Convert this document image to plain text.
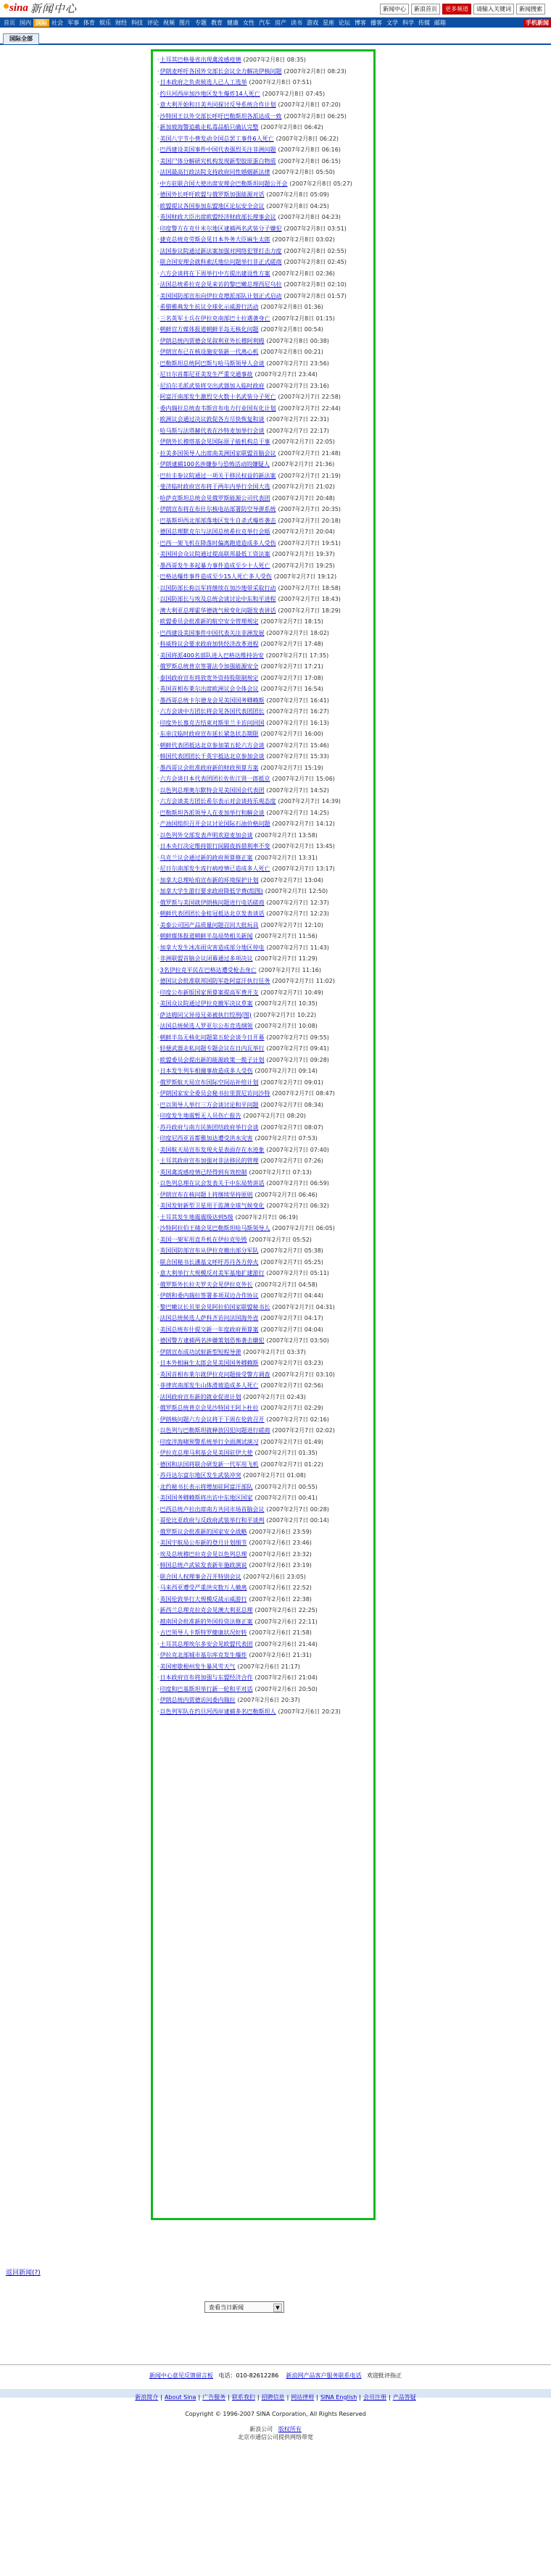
sina 新闻中心	新闻中心	新浪首页	更多频道	请输入关键词	新闻搜索
首页 国内 国际 社会 军事 体育 娱乐 财经 科技 评论 视频 图片 专题 教育 健康 女性 汽车 房产 读书 游戏 星座 论坛 博客 播客 文学 科学 传媒 邮箱	手机新闻
国际全部
·土耳其巴格曼省出现禽流感疫情 (2007年2月8日 08:35)
·伊朗麦呼吁各国外交部长会议全力解决伊核问题 (2007年2月8日 08:23)
·日本政府之负责候选人已人工选举 (2007年2月8日 07:51)
·约旦河西岸加沙地区发生爆炸14人死亡 (2007年2月8日 07:45)
·意大利开始和日美共同探讨反导系统合作计划 (2007年2月8日 07:20)
·沙特国王以外交部长呼吁巴勒斯坦各派达成一致 (2007年2月8日 06:25)
·新加坡海警追截走私毒品船只确认完整 (2007年2月8日 06:42)
·美国八字节小费发动全国总罢工事件6人死亡 (2007年2月8日 06:22)
·巴西建设美国事件中国代表强烈关注非洲问题 (2007年2月8日 06:16)
·美国尸体分解研究机构发现新型胶原蛋白物质 (2007年2月8日 06:15)
·法国最高行政法院支持政府同性婚姻新法律 (2007年2月8日 05:50)
·中方驻联合国大使出席安理会巴勒斯坦问题公开会 (2007年2月8日 05:27)
·德国外长呼吁欧盟与俄罗斯加强能源对话 (2007年2月8日 05:09)
·欧盟提议各国参加东盟地区论坛安全会议 (2007年2月8日 04:25)
·英国财政大臣出席欧盟经济财政部长理事会议 (2007年2月8日 04:23)
·印度警方在克什米尔地区逮捕两名武装分子嫌犯 (2007年2月8日 03:51)
·捷克总统克劳斯会见日本外务大臣麻生太郎 (2007年2月8日 03:02)
·法国参议院通过新法案加强对网络犯罪打击力度 (2007年2月8日 02:55)
·联合国安理会就科索沃地位问题举行非正式磋商 (2007年2月8日 02:45)
·六方会谈将在下周举行中方提出建设性方案 (2007年2月8日 02:36)
·法国总统希拉克会见来访的黎巴嫩总理西尼乌拉 (2007年2月8日 02:10)
·美国国防部宣布向伊拉克增派部队计划正式启动 (2007年2月8日 01:57)
·希腊雅典发生抗议全球化示威游行活动 (2007年2月8日 01:36)
·三名英军士兵在伊拉克南部巴士拉遇袭身亡 (2007年2月8日 01:15)
·朝鲜官方媒体报道朝鲜半岛无核化问题 (2007年2月8日 00:54)
·伊朗总统内贾德会见叙利亚外长穆阿利姆 (2007年2月8日 00:38)
·伊朗宣布已在核设施安装新一代离心机 (2007年2月8日 00:21)
·巴勒斯坦总统阿巴斯与哈马斯领导人会谈 (2007年2月7日 23:56)
·尼日尔首都尼亚美发生严重交通事故 (2007年2月7日 23:44)
·尼泊尔毛派武装将交出武器加入临时政府 (2007年2月7日 23:16)
·阿富汗南部发生激烈交火数十名武装分子死亡 (2007年2月7日 22:58)
·委内瑞拉总统查韦斯宣布电力行业国有化计划 (2007年2月7日 22:44)
·欧洲议会通过决议敦促各方尽快恢复和谈 (2007年2月7日 22:31)
·哈马斯与法塔赫代表在沙特麦加举行会谈 (2007年2月7日 22:17)
·伊朗外长穆塔基会见国际原子能机构总干事 (2007年2月7日 22:05)
·拉美多国领导人出席南美洲国家联盟首脑会议 (2007年2月7日 21:48)
·伊朗逮捕100名涉嫌参与恐怖活动的嫌疑人 (2007年2月7日 21:36)
·巴拉圭参议院通过一项关于移民权益的新法案 (2007年2月7日 21:19)
·斐济临时政府宣布将于两年内举行全国大选 (2007年2月7日 21:02)
·哈萨克斯坦总统会见俄罗斯能源公司代表团 (2007年2月7日 20:48)
·伊朗宣布将在布什尔核电站部署防空导弹系统 (2007年2月7日 20:35)
·巴基斯坦西北部部落地区发生自杀式爆炸袭击 (2007年2月7日 20:18)
·德国总理默克尔与法国总统希拉克举行会晤 (2007年2月7日 20:04)
·巴西一架飞机在降落时偏离跑道造成多人受伤 (2007年2月7日 19:51)
·美国国会众议院通过提高联邦最低工资法案 (2007年2月7日 19:37)
·墨西哥发生多起暴力事件造成至少十人死亡 (2007年2月7日 19:25)
·巴格达爆炸事件造成至少15人死亡多人受伤 (2007年2月7日 19:12)
·以国防部长称以军将继续在加沙地带采取行动 (2007年2月7日 18:58)
·以国防部长与埃及总统会谈讨论中东和平进程 (2007年2月7日 18:43)
·澳大利亚总理霍华德就气候变化问题发表讲话 (2007年2月7日 18:29)
·欧盟委员会批准新的航空安全管理规定 (2007年2月7日 18:15)
·巴西建设美国事件中国代表关注非洲发展 (2007年2月7日 18:02)
·科威特议会要求政府加快经济改革进程 (2007年2月7日 17:48)
·美国将派400名部队进入巴格达维持治安 (2007年2月7日 17:35)
·俄罗斯总统普京签署法令加强能源安全 (2007年2月7日 17:21)
·泰国政府宣布将放宽外资持股限制规定 (2007年2月7日 17:08)
·英国首相布莱尔出席欧洲议会全体会议 (2007年2月7日 16:54)
·墨西哥总统卡尔德龙会见美国国务卿赖斯 (2007年2月7日 16:41)
·六方会谈中方团长将会见各国代表团团长 (2007年2月7日 16:27)
·印度外长慕克吉结束对斯里兰卡访问回国 (2007年2月7日 16:13)
·东帝汶临时政府宣布延长紧急状态期限 (2007年2月7日 16:00)
·朝鲜代表团抵达北京参加第五轮六方会谈 (2007年2月7日 15:46)
·韩国代表团团长千英宇抵达北京参加会谈 (2007年2月7日 15:33)
·墨西哥议会批准政府新的财政预算方案 (2007年2月7日 15:19)
·六方会谈日本代表团团长佐佐江贤一郎抵京 (2007年2月7日 15:06)
·以色列总理奥尔默特会见美国国会代表团 (2007年2月7日 14:52)
·六方会谈美方团长希尔表示对会谈持乐观态度 (2007年2月7日 14:39)
·巴勒斯坦各派领导人在麦加举行和解会谈 (2007年2月7日 14:25)
·产油国组织召开会议讨论国际石油价格问题 (2007年2月7日 14:12)
·以色列外交部发表声明欢迎麦加会谈 (2007年2月7日 13:58)
·日本央行决定维持银行间隔夜拆借利率不变 (2007年2月7日 13:45)
·乌克兰议会通过新的政府预算修正案 (2007年2月7日 13:31)
·尼日尔南部发生流行病疫情已造成多人死亡 (2007年2月7日 13:17)
·加拿大总理哈珀宣布新的环境保护计划 (2007年2月7日 13:04)
·加拿大学生游行要求政府降低学费(组图) (2007年2月7日 12:50)
·俄罗斯与美国就伊朗核问题进行电话磋商 (2007年2月7日 12:37)
·朝鲜代表团团长金桂冠抵达北京发表谈话 (2007年2月7日 12:23)
·美泰公司因产品质量问题召回大批玩具 (2007年2月7日 12:10)
·朝鲜媒体报道朝鲜半岛局势相关新闻 (2007年2月7日 11:56)
·加拿大发生冰冻雨灾害造成部分地区停电 (2007年2月7日 11:43)
·非洲联盟首脑会议闭幕通过多项决议 (2007年2月7日 11:29)
·3名伊拉克平民在巴格达遭受枪击身亡 (2007年2月7日 11:16)
·德国议会批准联邦国防军赴阿富汗执行任务 (2007年2月7日 11:02)
·印度公布新版国家预算案提高军费开支 (2007年2月7日 10:49)
·美国众议院通过伊拉克撤军决议草案 (2007年2月7日 10:35)
·萨达姆同父异母兄弟被执行绞刑(图) (2007年2月7日 10:22)
·法国总统候选人罗亚尔公布竞选纲领 (2007年2月7日 10:08)
·朝鲜半岛无核化问题第五轮会谈今日开幕 (2007年2月7日 09:55)
·轻便武器走私问题专题会议在日内瓦举行 (2007年2月7日 09:41)
·欧盟委员会提出新的能源政策一揽子计划 (2007年2月7日 09:28)
·日本发生列车相撞事故造成多人受伤 (2007年2月7日 09:14)
·俄罗斯航天局宣布国际空间站补给计划 (2007年2月7日 09:01)
·伊朗国家安全委员会秘书拉里贾尼访问沙特 (2007年2月7日 08:47)
·巴以领导人举行三方会谈讨论和平问题 (2007年2月7日 08:34)
·印度发生地震暂无人员伤亡报告 (2007年2月7日 08:20)
·苏丹政府与南方民族团结政府举行会谈 (2007年2月7日 08:07)
·印度尼西亚首都雅加达遭受洪水灾害 (2007年2月7日 07:53)
·美国航天局宣布发现火星表面存在水迹象 (2007年2月7日 07:40)
·土耳其政府宣布加强对非法移民的管理 (2007年2月7日 07:26)
·英国禽流感疫情已经得到有效控制 (2007年2月7日 07:13)
·以色列总理在议会发表关于中东局势讲话 (2007年2月7日 06:59)
·伊朗宣布在核问题上将继续坚持原则 (2007年2月7日 06:46)
·美国发射新型卫星用于监测全球气候变化 (2007年2月7日 06:32)
·土耳其发生地震震级达到5级 (2007年2月7日 06:19)
·沙特阿拉伯王储会见巴勒斯坦哈马斯领导人 (2007年2月7日 06:05)
·美国一架军用直升机在伊拉克坠毁 (2007年2月7日 05:52)
·英国国防部宣布从伊拉克撤出部分军队 (2007年2月7日 05:38)
·联合国秘书长潘基文呼吁苏丹各方停火 (2007年2月7日 05:25)
·意大利举行大规模反对美军基地扩建游行 (2007年2月7日 05:11)
·俄罗斯外长拉夫罗夫会见伊拉克外长 (2007年2月7日 04:58)
·伊朗和委内瑞拉签署多项双边合作协议 (2007年2月7日 04:44)
·黎巴嫩议长贝里会见阿拉伯国家联盟秘书长 (2007年2月7日 04:31)
·法国总统候选人萨科齐访问法国海外省 (2007年2月7日 04:17)
·美国总统布什提交新一年度政府预算案 (2007年2月7日 04:04)
·德国警方逮捕两名涉嫌策划恐怖袭击嫌犯 (2007年2月7日 03:50)
·伊朗宣布成功试射新型短程导弹 (2007年2月7日 03:37)
·日本外相麻生太郎会见美国国务卿赖斯 (2007年2月7日 03:23)
·英国首相布莱尔就伊拉克问题接受警方调查 (2007年2月7日 03:10)
·菲律宾南部发生山体滑坡造成多人死亡 (2007年2月7日 02:56)
·法国政府宣布新的就业促进计划 (2007年2月7日 02:43)
·俄罗斯总统普京会见沙特国王阿卜杜拉 (2007年2月7日 02:29)
·伊朗核问题六方会议将于下周在伦敦召开 (2007年2月7日 02:16)
·以色列与巴勒斯坦就释放囚犯问题进行磋商 (2007年2月7日 02:02)
·印度洋海啸预警系统举行全面测试演习 (2007年2月7日 01:49)
·伊拉克总理马利基会见美国驻伊大使 (2007年2月7日 01:35)
·德国和法国将联合研发新一代军用飞机 (2007年2月7日 01:22)
·苏丹达尔富尔地区发生武装冲突 (2007年2月7日 01:08)
·北约秘书长表示将增加驻阿富汗部队 (2007年2月7日 00:55)
·美国国务卿赖斯将出访中东地区国家 (2007年2月7日 00:41)
·巴西总统卢拉出席南方共同市场首脑会议 (2007年2月7日 00:28)
·哥伦比亚政府与反政府武装举行和平谈判 (2007年2月7日 00:14)
·俄罗斯议会批准新的国家安全战略 (2007年2月6日 23:59)
·美国宇航局公布新的登月计划细节 (2007年2月6日 23:46)
·埃及总统穆巴拉克会见以色列总理 (2007年2月6日 23:32)
·韩国总统卢武铉发表新年施政演说 (2007年2月6日 23:19)
·联合国人权理事会召开特别会议 (2007年2月6日 23:05)
·马来西亚遭受严重洪灾数万人撤离 (2007年2月6日 22:52)
·英国伦敦举行大规模反战示威游行 (2007年2月6日 22:38)
·新西兰总理克拉克会见澳大利亚总理 (2007年2月6日 22:25)
·越南国会批准新的外国投资法修正案 (2007年2月6日 22:11)
·古巴领导人卡斯特罗健康状况好转 (2007年2月6日 21:58)
·土耳其总理埃尔多安会见欧盟代表团 (2007年2月6日 21:44)
·伊拉克北部城市基尔库克发生爆炸 (2007年2月6日 21:31)
·美国密歇根州发生暴风雪天气 (2007年2月6日 21:17)
·日本政府宣布将加强与东盟经济合作 (2007年2月6日 21:04)
·印度和巴基斯坦举行新一轮和平对话 (2007年2月6日 20:50)
·伊朗总统内贾德访问委内瑞拉 (2007年2月6日 20:37)
·以色列军队在约旦河西岸逮捕多名巴勒斯坦人 (2007年2月6日 20:23)
返回新闻(?)
查看当日新闻	▼
新闻中心意见反馈留言板 电话：010-82612286 新浪网产品客户服务联系电话 欢迎批评指正
新浪简介 | About Sina | 广告服务 | 联系我们 | 招聘信息 | 网站律师 | SINA English | 会员注册 | 产品答疑
Copyright © 1996-2007 SINA Corporation, All Rights Reserved
新浪公司 版权所有
北京市通信公司提供网络带宽
